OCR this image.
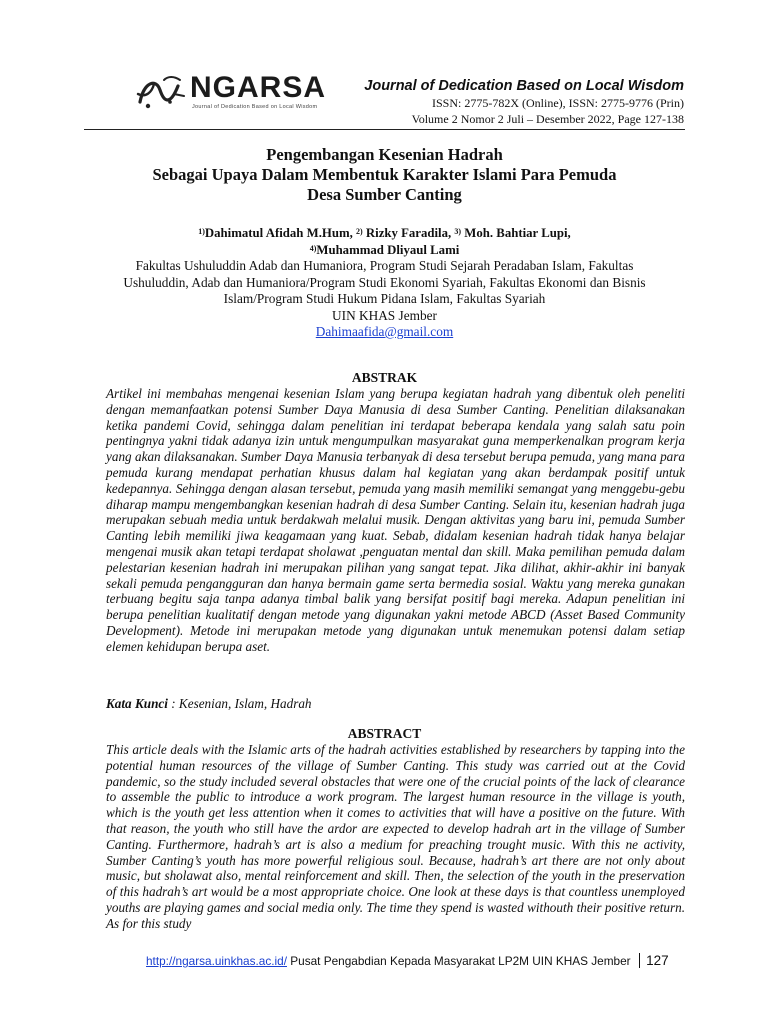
NGARSA
Journal of Dedication Based on Local Wisdom
Journal of Dedication Based on Local Wisdom
ISSN: 2775-782X (Online), ISSN: 2775-9776 (Prin)
Volume 2 Nomor 2 Juli – Desember 2022, Page 127-138
Pengembangan Kesenian Hadrah
Sebagai Upaya Dalam Membentuk Karakter Islami Para Pemuda
Desa Sumber Canting
$^{1)}$Dahimatul Afidah M.Hum, $^{2)}$ Rizky Faradila, $^{3)}$ Moh. Bahtiar Lupi,
$^{4)}$Muhammad Dliyaul Lami
Fakultas Ushuluddin Adab dan Humaniora, Program Studi Sejarah Peradaban Islam, Fakultas
Ushuluddin, Adab dan Humaniora/Program Studi Ekonomi Syariah, Fakultas Ekonomi dan Bisnis
Islam/Program Studi Hukum Pidana Islam, Fakultas Syariah
UIN KHAS Jember
Dahimaafida@gmail.com
ABSTRAK
Artikel ini membahas mengenai kesenian Islam yang berupa kegiatan hadrah yang dibentuk oleh peneliti dengan memanfaatkan potensi Sumber Daya Manusia di desa Sumber Canting. Penelitian dilaksanakan ketika pandemi Covid, sehingga dalam penelitian ini terdapat beberapa kendala yang salah satu poin pentingnya yakni tidak adanya izin untuk mengumpulkan masyarakat guna memperkenalkan program kerja yang akan dilaksanakan. Sumber Daya Manusia terbanyak di desa tersebut berupa pemuda, yang mana para pemuda kurang mendapat perhatian khusus dalam hal kegiatan yang akan berdampak positif untuk kedepannya. Sehingga dengan alasan tersebut, pemuda yang masih memiliki semangat yang menggebu-gebu diharap mampu mengembangkan kesenian hadrah di desa Sumber Canting. Selain itu, kesenian hadrah juga merupakan sebuah media untuk berdakwah melalui musik. Dengan aktivitas yang baru ini, pemuda Sumber Canting lebih memiliki jiwa keagamaan yang kuat. Sebab, didalam kesenian hadrah tidak hanya belajar mengenai musik akan tetapi terdapat sholawat ,penguatan mental dan skill. Maka pemilihan pemuda dalam pelestarian kesenian hadrah ini merupakan pilihan yang sangat tepat. Jika dilihat, akhir-akhir ini banyak sekali pemuda pengangguran dan hanya bermain game serta bermedia sosial. Waktu yang mereka gunakan terbuang begitu saja tanpa adanya timbal balik yang bersifat positif bagi mereka. Adapun penelitian ini berupa penelitian kualitatif dengan metode yang digunakan yakni metode ABCD (Asset Based Community Development). Metode ini merupakan metode yang digunakan untuk menemukan potensi dalam setiap elemen kehidupan berupa aset.
Kata Kunci : Kesenian, Islam, Hadrah
ABSTRACT
This article deals with the Islamic arts of the hadrah activities established by researchers by tapping into the potential human resources of the village of Sumber Canting. This study was carried out at the Covid pandemic, so the study included several obstacles that were one of the crucial points of the lack of clearance to assemble the public to introduce a work program. The largest human resource in the village is youth, which is the youth get less attention when it comes to activities that will have a positive on the future. With that reason, the youth who still have the ardor are expected to develop hadrah art in the village of Sumber Canting. Furthermore, hadrah’s art is also a medium for preaching trought music. With this ne activity, Sumber Canting’s youth has more powerful religious soul. Because, hadrah’s art there are not only about music, but sholawat also, mental reinforcement and skill. Then, the selection of the youth in the preservation of this hadrah’s art would be a most appropriate choice. One look at these days is that countless unemployed youths are playing games and social media only. The time they spend is wasted withouth their positive return. As for this study
http://ngarsa.uinkhas.ac.id/ Pusat Pengabdian Kepada Masyarakat LP2M UIN KHAS Jember 127
